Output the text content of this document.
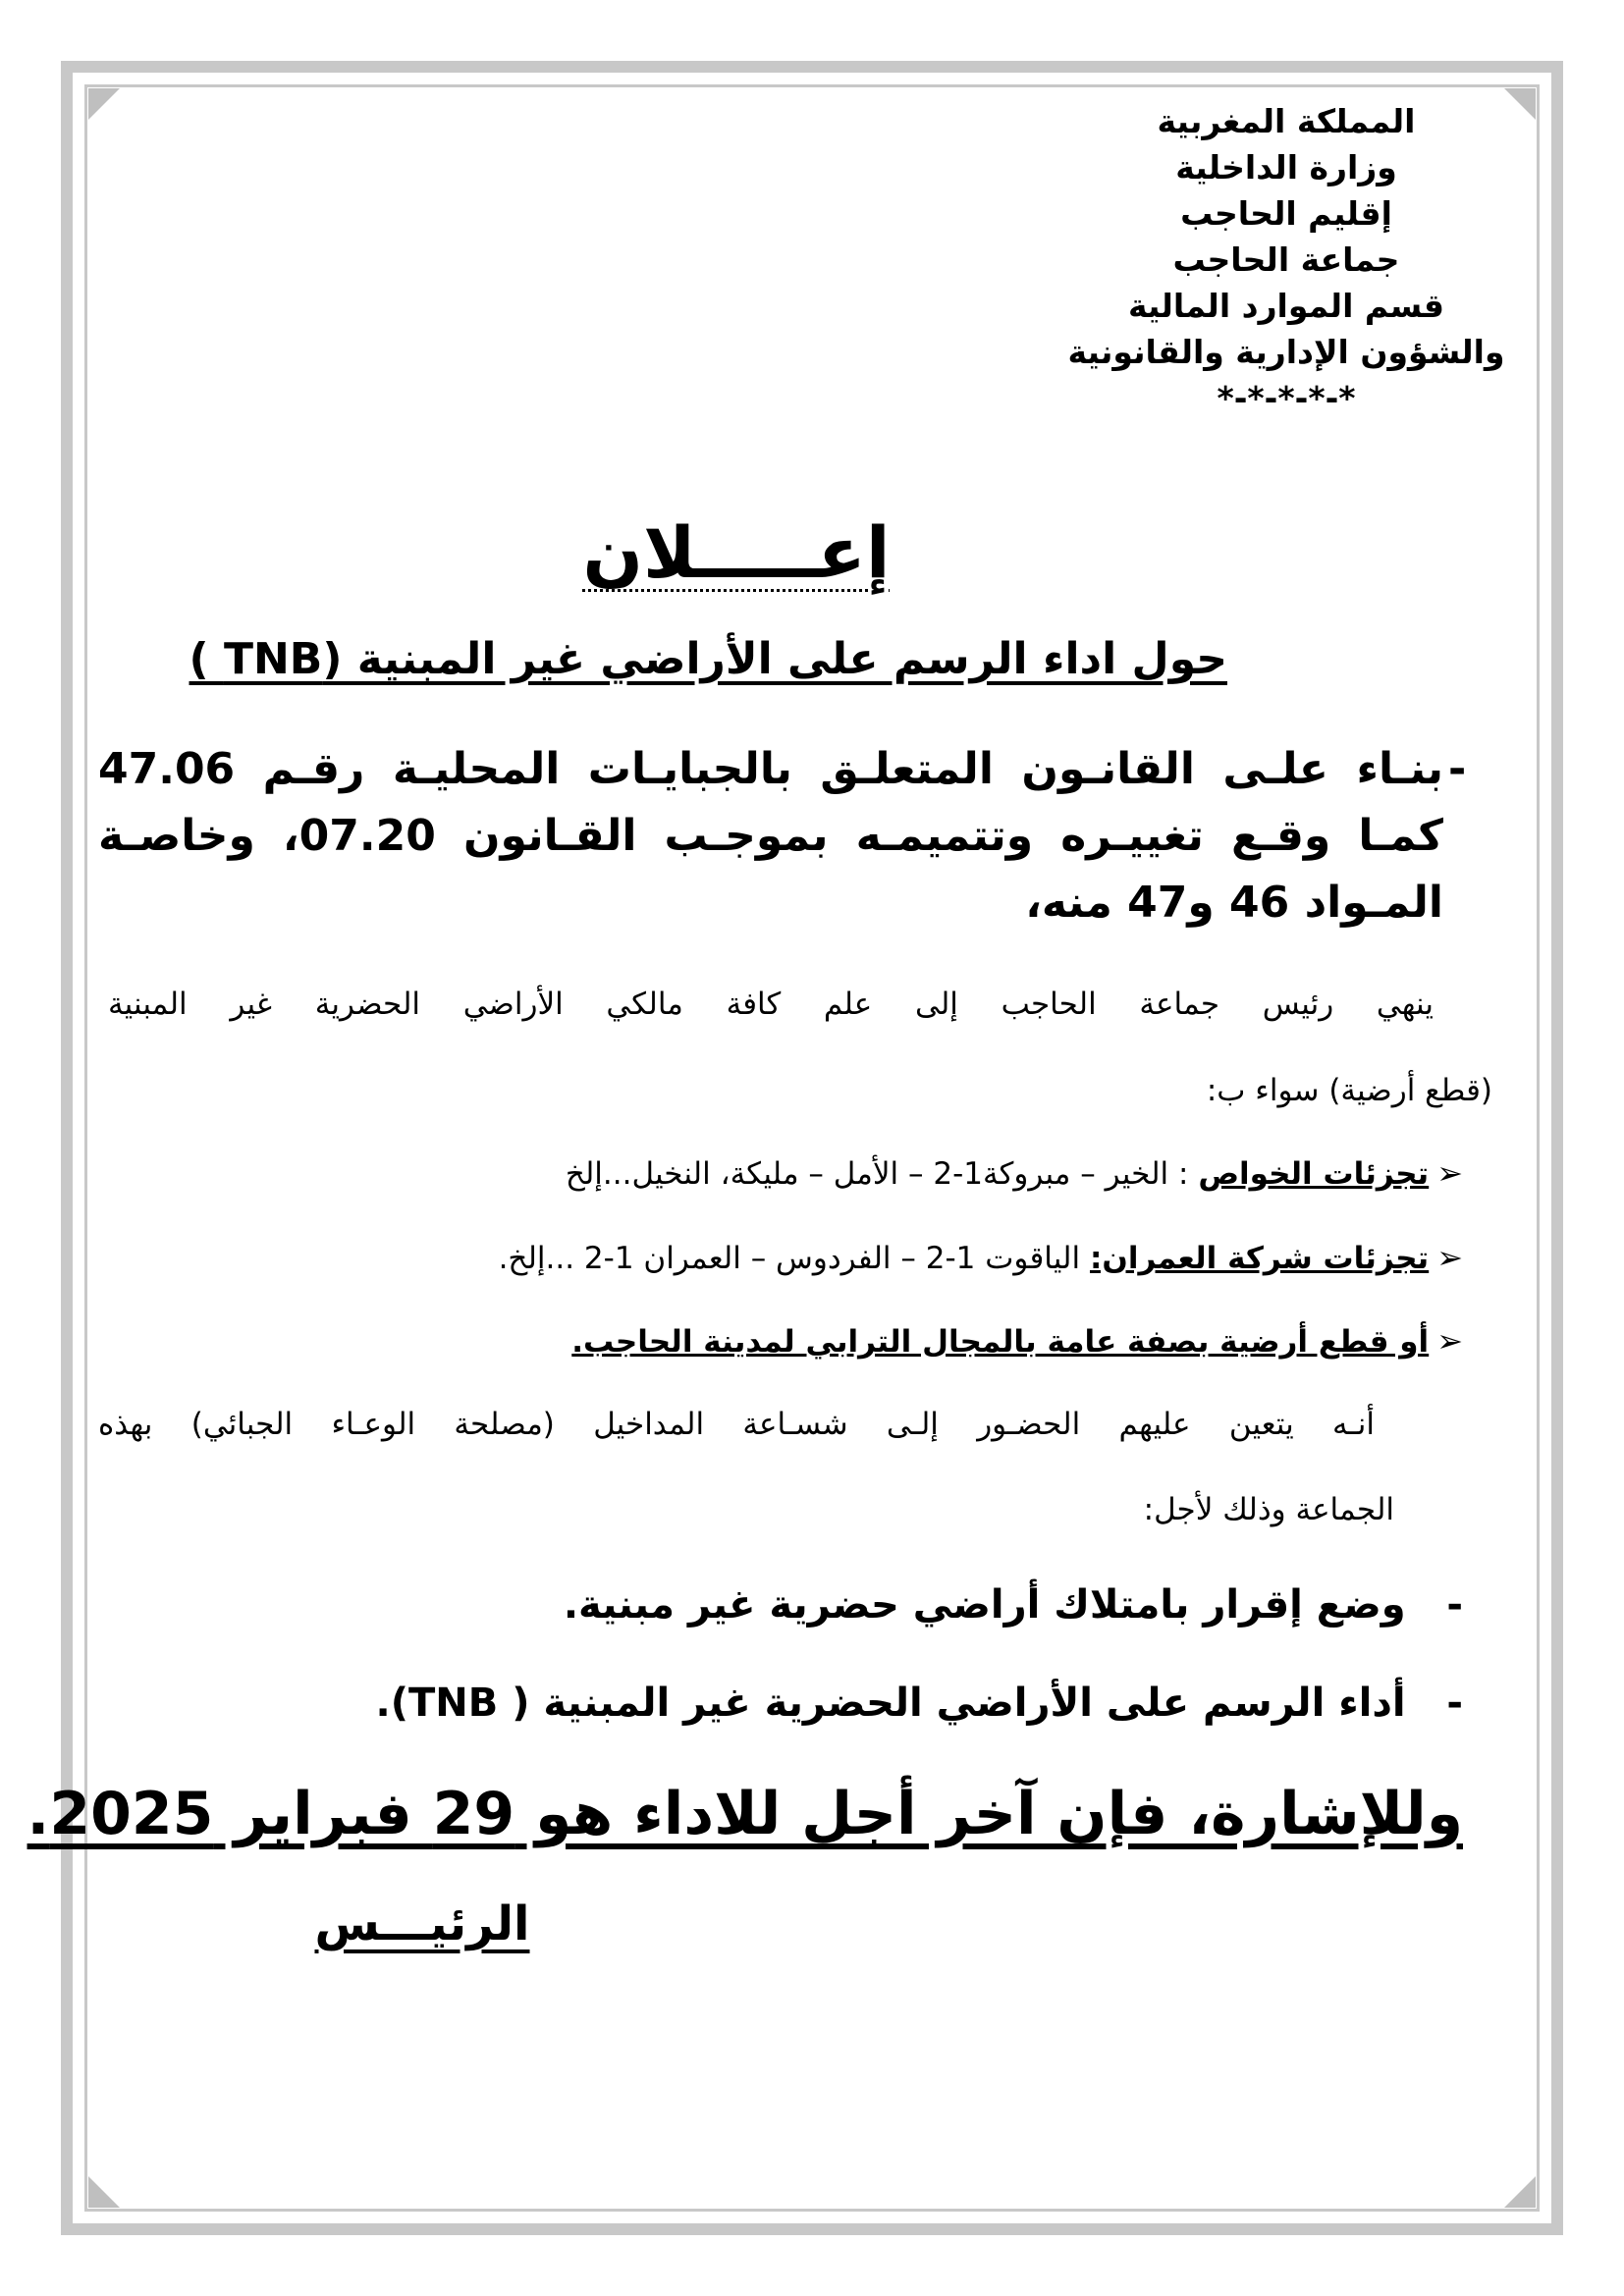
المملكة المغربية
وزارة الداخلية
إقليم الحاجب
جماعة الحاجب
قسم الموارد المالية
والشؤون الإدارية والقانونية
*-*-*-*-*
إعـــــلان
حول اداء الرسم على الأراضي غير المبنية (TNB )
-
بنـاء علـى القانـون المتعلـق بالجبايـات المحليـة رقـم 47.06 كمـا وقـع تغييـره وتتميمـه بموجـب القـانون 07.20، وخاصـة المـواد 46 و47 منه،
ينهي رئيس جماعة الحاجب إلى علم كافة مالكي الأراضي الحضرية غير المبنية
(قطع أرضية) سواء ب:
➢تجزئات الخواص : الخير – مبروكة1-2 – الأمل – مليكة، النخيل...إلخ
➢تجزئات شركة العمران: الياقوت 1-2 – الفردوس – العمران 1-2 ...إلخ.
➢أو قطع أرضية بصفة عامة بالمجال الترابي لمدينة الحاجب.
أنـه يتعين عليهم الحضـور إلـى شسـاعة المداخيل (مصلحة الوعـاء الجبائي) بهذه
الجماعة وذلك لأجل:
-   وضع إقرار بامتلاك أراضي حضرية غير مبنية.
-   أداء الرسم على الأراضي الحضرية غير المبنية ( TNB).
وللإشارة، فإن آخر أجل للاداء هو 29 فبراير 2025.
الرئيـــس
